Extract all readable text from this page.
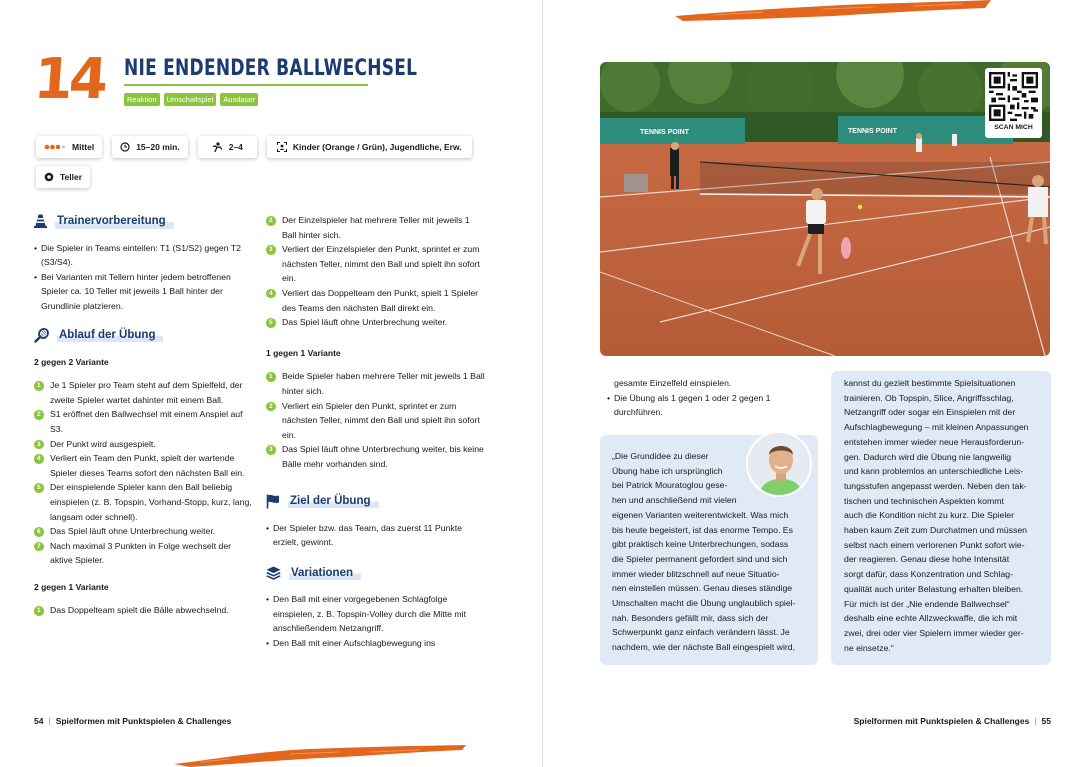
14 NIE ENDENDER BALLWECHSEL
Reaktion	Umschaltspiel	Ausdauer
Mittel	15–20 min.	2–4	Kinder (Orange / Grün), Jugendliche, Erw.
Teller
Trainervorbereitung
• Die Spieler in Teams einteilen: T1 (S1/S2) gegen T2 (S3/S4).
• Bei Varianten mit Tellern hinter jedem betroffenen Spieler ca. 10 Teller mit jeweils 1 Ball hinter der Grundlinie platzieren.
Ablauf der Übung
2 gegen 2 Variante
1	Je 1 Spieler pro Team steht auf dem Spielfeld, der zweite Spieler wartet dahinter mit einem Ball.
2	S1 eröffnet den Ballwechsel mit einem Anspiel auf S3.
3	Der Punkt wird ausgespielt.
4	Verliert ein Team den Punkt, spielt der wartende Spieler dieses Teams sofort den nächsten Ball ein.
5	Der einspielende Spieler kann den Ball beliebig einspielen (z. B. Topspin, Vorhand-Stopp, kurz, lang, langsam oder schnell).
6	Das Spiel läuft ohne Unterbrechung weiter.
7	Nach maximal 3 Punkten in Folge wechselt der aktive Spieler.
2 gegen 1 Variante
1	Das Doppelteam spielt die Bälle abwechselnd.
2	Der Einzelspieler hat mehrere Teller mit jeweils 1 Ball hinter sich.
3	Verliert der Einzelspieler den Punkt, sprintet er zum nächsten Teller, nimmt den Ball und spielt ihn sofort ein.
4	Verliert das Doppelteam den Punkt, spielt 1 Spieler des Teams den nächsten Ball direkt ein.
5	Das Spiel läuft ohne Unterbrechung weiter.
1 gegen 1 Variante
1	Beide Spieler haben mehrere Teller mit jeweils 1 Ball hinter sich.
2	Verliert ein Spieler den Punkt, sprintet er zum nächsten Teller, nimmt den Ball und spielt ihn sofort ein.
3	Das Spiel läuft ohne Unterbrechung weiter, bis keine Bälle mehr vorhanden sind.
Ziel der Übung
• Der Spieler bzw. das Team, das zuerst 11 Punkte erzielt, gewinnt.
Variationen
• Den Ball mit einer vorgegebenen Schlagfolge einspielen, z. B. Topspin-Volley durch die Mitte mit anschließendem Netzangriff.
• Den Ball mit einer Aufschlagbewegung ins
54 | Spielformen mit Punktspielen & Challenges
TENNIS POINT	TENNIS POINT
SCAN MICH
gesamte Einzelfeld einspielen.
• Die Übung als 1 gegen 1 oder 2 gegen 1 durchführen.
„Die Grundidee zu dieser
Übung habe ich ursprünglich
bei Patrick Mouratoglou gese-
hen und anschließend mit vielen
eigenen Varianten weiterentwickelt. Was mich
bis heute begeistert, ist das enorme Tempo. Es
gibt praktisch keine Unterbrechungen, sodass
die Spieler permanent gefordert sind und sich
immer wieder blitzschnell auf neue Situatio-
nen einstellen müssen. Genau dieses ständige
Umschalten macht die Übung unglaublich spiel-
nah. Besonders gefällt mir, dass sich der
Schwerpunkt ganz einfach verändern lässt. Je
nachdem, wie der nächste Ball eingespielt wird,
kannst du gezielt bestimmte Spielsituationen
trainieren. Ob Topspin, Slice, Angriffsschlag,
Netzangriff oder sogar ein Einspielen mit der
Aufschlagbewegung – mit kleinen Anpassungen
entstehen immer wieder neue Herausforderun-
gen. Dadurch wird die Übung nie langweilig
und kann problemlos an unterschiedliche Leis-
tungsstufen angepasst werden. Neben den tak-
tischen und technischen Aspekten kommt
auch die Kondition nicht zu kurz. Die Spieler
haben kaum Zeit zum Durchatmen und müssen
selbst nach einem verlorenen Punkt sofort wie-
der reagieren. Genau diese hohe Intensität
sorgt dafür, dass Konzentration und Schlag-
qualität auch unter Belastung erhalten bleiben.
Für mich ist der „Nie endende Ballwechsel“
deshalb eine echte Allzweckwaffe, die ich mit
zwei, drei oder vier Spielern immer wieder ger-
ne einsetze.“
Spielformen mit Punktspielen & Challenges | 55
